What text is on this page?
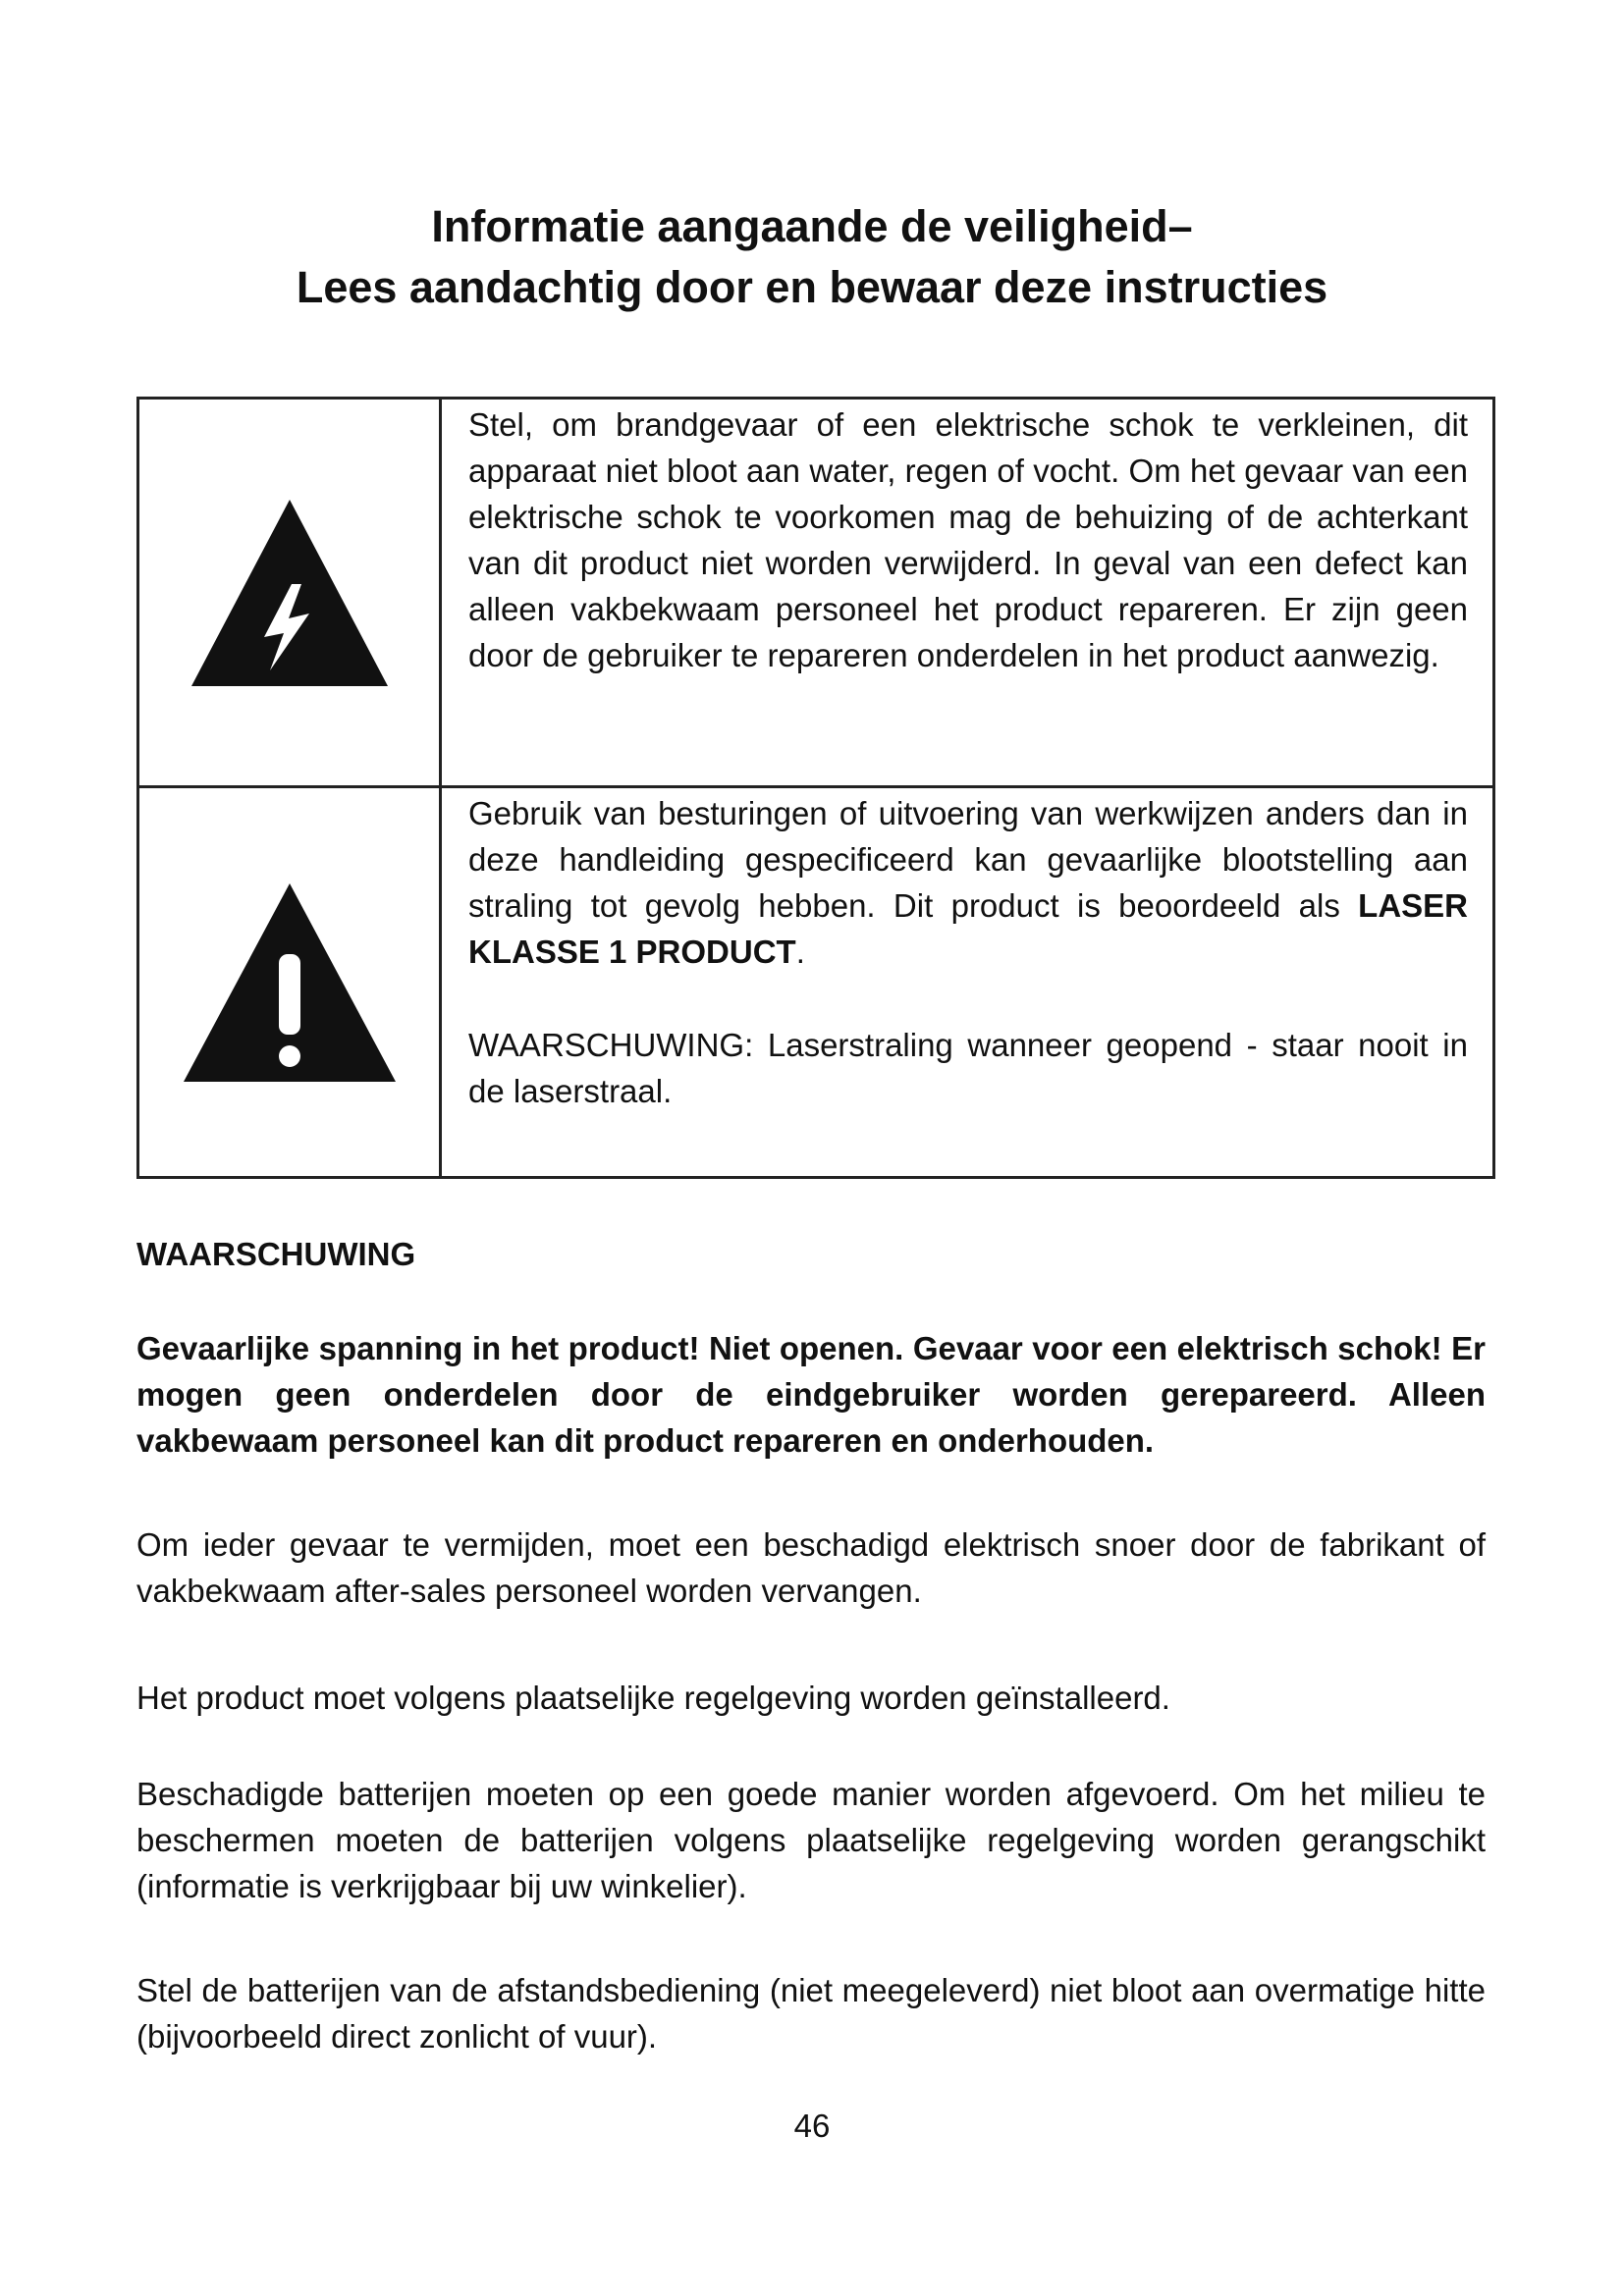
Informatie aangaande de veiligheid–
Lees aandachtig door en bewaar deze instructies

Stel, om brandgevaar of een elektrische schok te verkleinen, dit apparaat niet bloot aan water, regen of vocht. Om het gevaar van een elektrische schok te voorkomen mag de behuizing of de achterkant van dit product niet worden verwijderd. In geval van een defect kan alleen vakbekwaam personeel het product repareren. Er zijn geen door de gebruiker te repareren onderdelen in het product aanwezig.

Gebruik van besturingen of uitvoering van werkwijzen anders dan in deze handleiding gespecificeerd kan gevaarlijke blootstelling aan straling tot gevolg hebben. Dit product is beoordeeld als LASER KLASSE 1 PRODUCT.

WAARSCHUWING: Laserstraling wanneer geopend - staar nooit in de laserstraal.

WAARSCHUWING

Gevaarlijke spanning in het product! Niet openen. Gevaar voor een elektrisch schok! Er mogen geen onderdelen door de eindgebruiker worden gerepareerd. Alleen vakbewaam personeel kan dit product repareren en onderhouden.

Om ieder gevaar te vermijden, moet een beschadigd elektrisch snoer door de fabrikant of vakbekwaam after-sales personeel worden vervangen.

Het product moet volgens plaatselijke regelgeving worden geïnstalleerd.

Beschadigde batterijen moeten op een goede manier worden afgevoerd. Om het milieu te beschermen moeten de batterijen volgens plaatselijke regelgeving worden gerangschikt (informatie is verkrijgbaar bij uw winkelier).

Stel de batterijen van de afstandsbediening (niet meegeleverd) niet bloot aan overmatige hitte (bijvoorbeeld direct zonlicht of vuur).

46
